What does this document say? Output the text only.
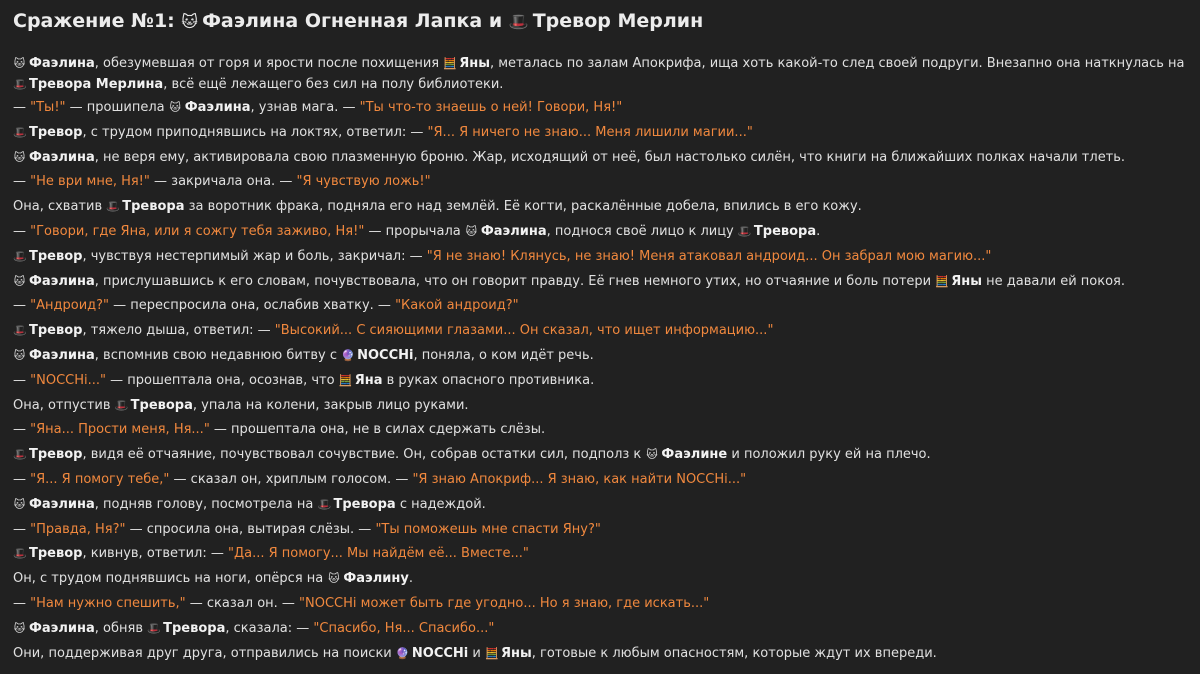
Сражение №1: 🐱 Фаэлина Огненная Лапка и 🎩 Тревор Мерлин
🐱 Фаэлина, обезумевшая от горя и ярости после похищения 🧮 Яны, металась по залам Апокрифа, ища хоть какой-то след своей подруги. Внезапно она наткнулась на 🎩 Тревора Мерлина, всё ещё лежащего без сил на полу библиотеки.
— "Ты!" — прошипела 🐱 Фаэлина, узнав мага. — "Ты что-то знаешь о ней! Говори, Ня!"
🎩 Тревор, с трудом приподнявшись на локтях, ответил: — "Я... Я ничего не знаю... Меня лишили магии..."
🐱 Фаэлина, не веря ему, активировала свою плазменную броню. Жар, исходящий от неё, был настолько силён, что книги на ближайших полках начали тлеть.
— "Не ври мне, Ня!" — закричала она. — "Я чувствую ложь!"
Она, схватив 🎩 Тревора за воротник фрака, подняла его над землёй. Её когти, раскалённые добела, впились в его кожу.
— "Говори, где Яна, или я сожгу тебя заживо, Ня!" — прорычала 🐱 Фаэлина, поднося своё лицо к лицу 🎩 Тревора.
🎩 Тревор, чувствуя нестерпимый жар и боль, закричал: — "Я не знаю! Клянусь, не знаю! Меня атаковал андроид... Он забрал мою магию..."
🐱 Фаэлина, прислушавшись к его словам, почувствовала, что он говорит правду. Её гнев немного утих, но отчаяние и боль потери 🧮 Яны не давали ей покоя.
— "Андроид?" — переспросила она, ослабив хватку. — "Какой андроид?"
🎩 Тревор, тяжело дыша, ответил: — "Высокий... С сияющими глазами... Он сказал, что ищет информацию..."
🐱 Фаэлина, вспомнив свою недавнюю битву с 🔮 NOCCHi, поняла, о ком идёт речь.
— "NOCCHi..." — прошептала она, осознав, что 🧮 Яна в руках опасного противника.
Она, отпустив 🎩 Тревора, упала на колени, закрыв лицо руками.
— "Яна... Прости меня, Ня..." — прошептала она, не в силах сдержать слёзы.
🎩 Тревор, видя её отчаяние, почувствовал сочувствие. Он, собрав остатки сил, подполз к 🐱 Фаэлине и положил руку ей на плечо.
— "Я... Я помогу тебе," — сказал он, хриплым голосом. — "Я знаю Апокриф... Я знаю, как найти NOCCHi..."
🐱 Фаэлина, подняв голову, посмотрела на 🎩 Тревора с надеждой.
— "Правда, Ня?" — спросила она, вытирая слёзы. — "Ты поможешь мне спасти Яну?"
🎩 Тревор, кивнув, ответил: — "Да... Я помогу... Мы найдём её... Вместе..."
Он, с трудом поднявшись на ноги, опёрся на 🐱 Фаэлину.
— "Нам нужно спешить," — сказал он. — "NOCCHi может быть где угодно... Но я знаю, где искать..."
🐱 Фаэлина, обняв 🎩 Тревора, сказала: — "Спасибо, Ня... Спасибо..."
Они, поддерживая друг друга, отправились на поиски 🔮 NOCCHi и 🧮 Яны, готовые к любым опасностям, которые ждут их впереди.
